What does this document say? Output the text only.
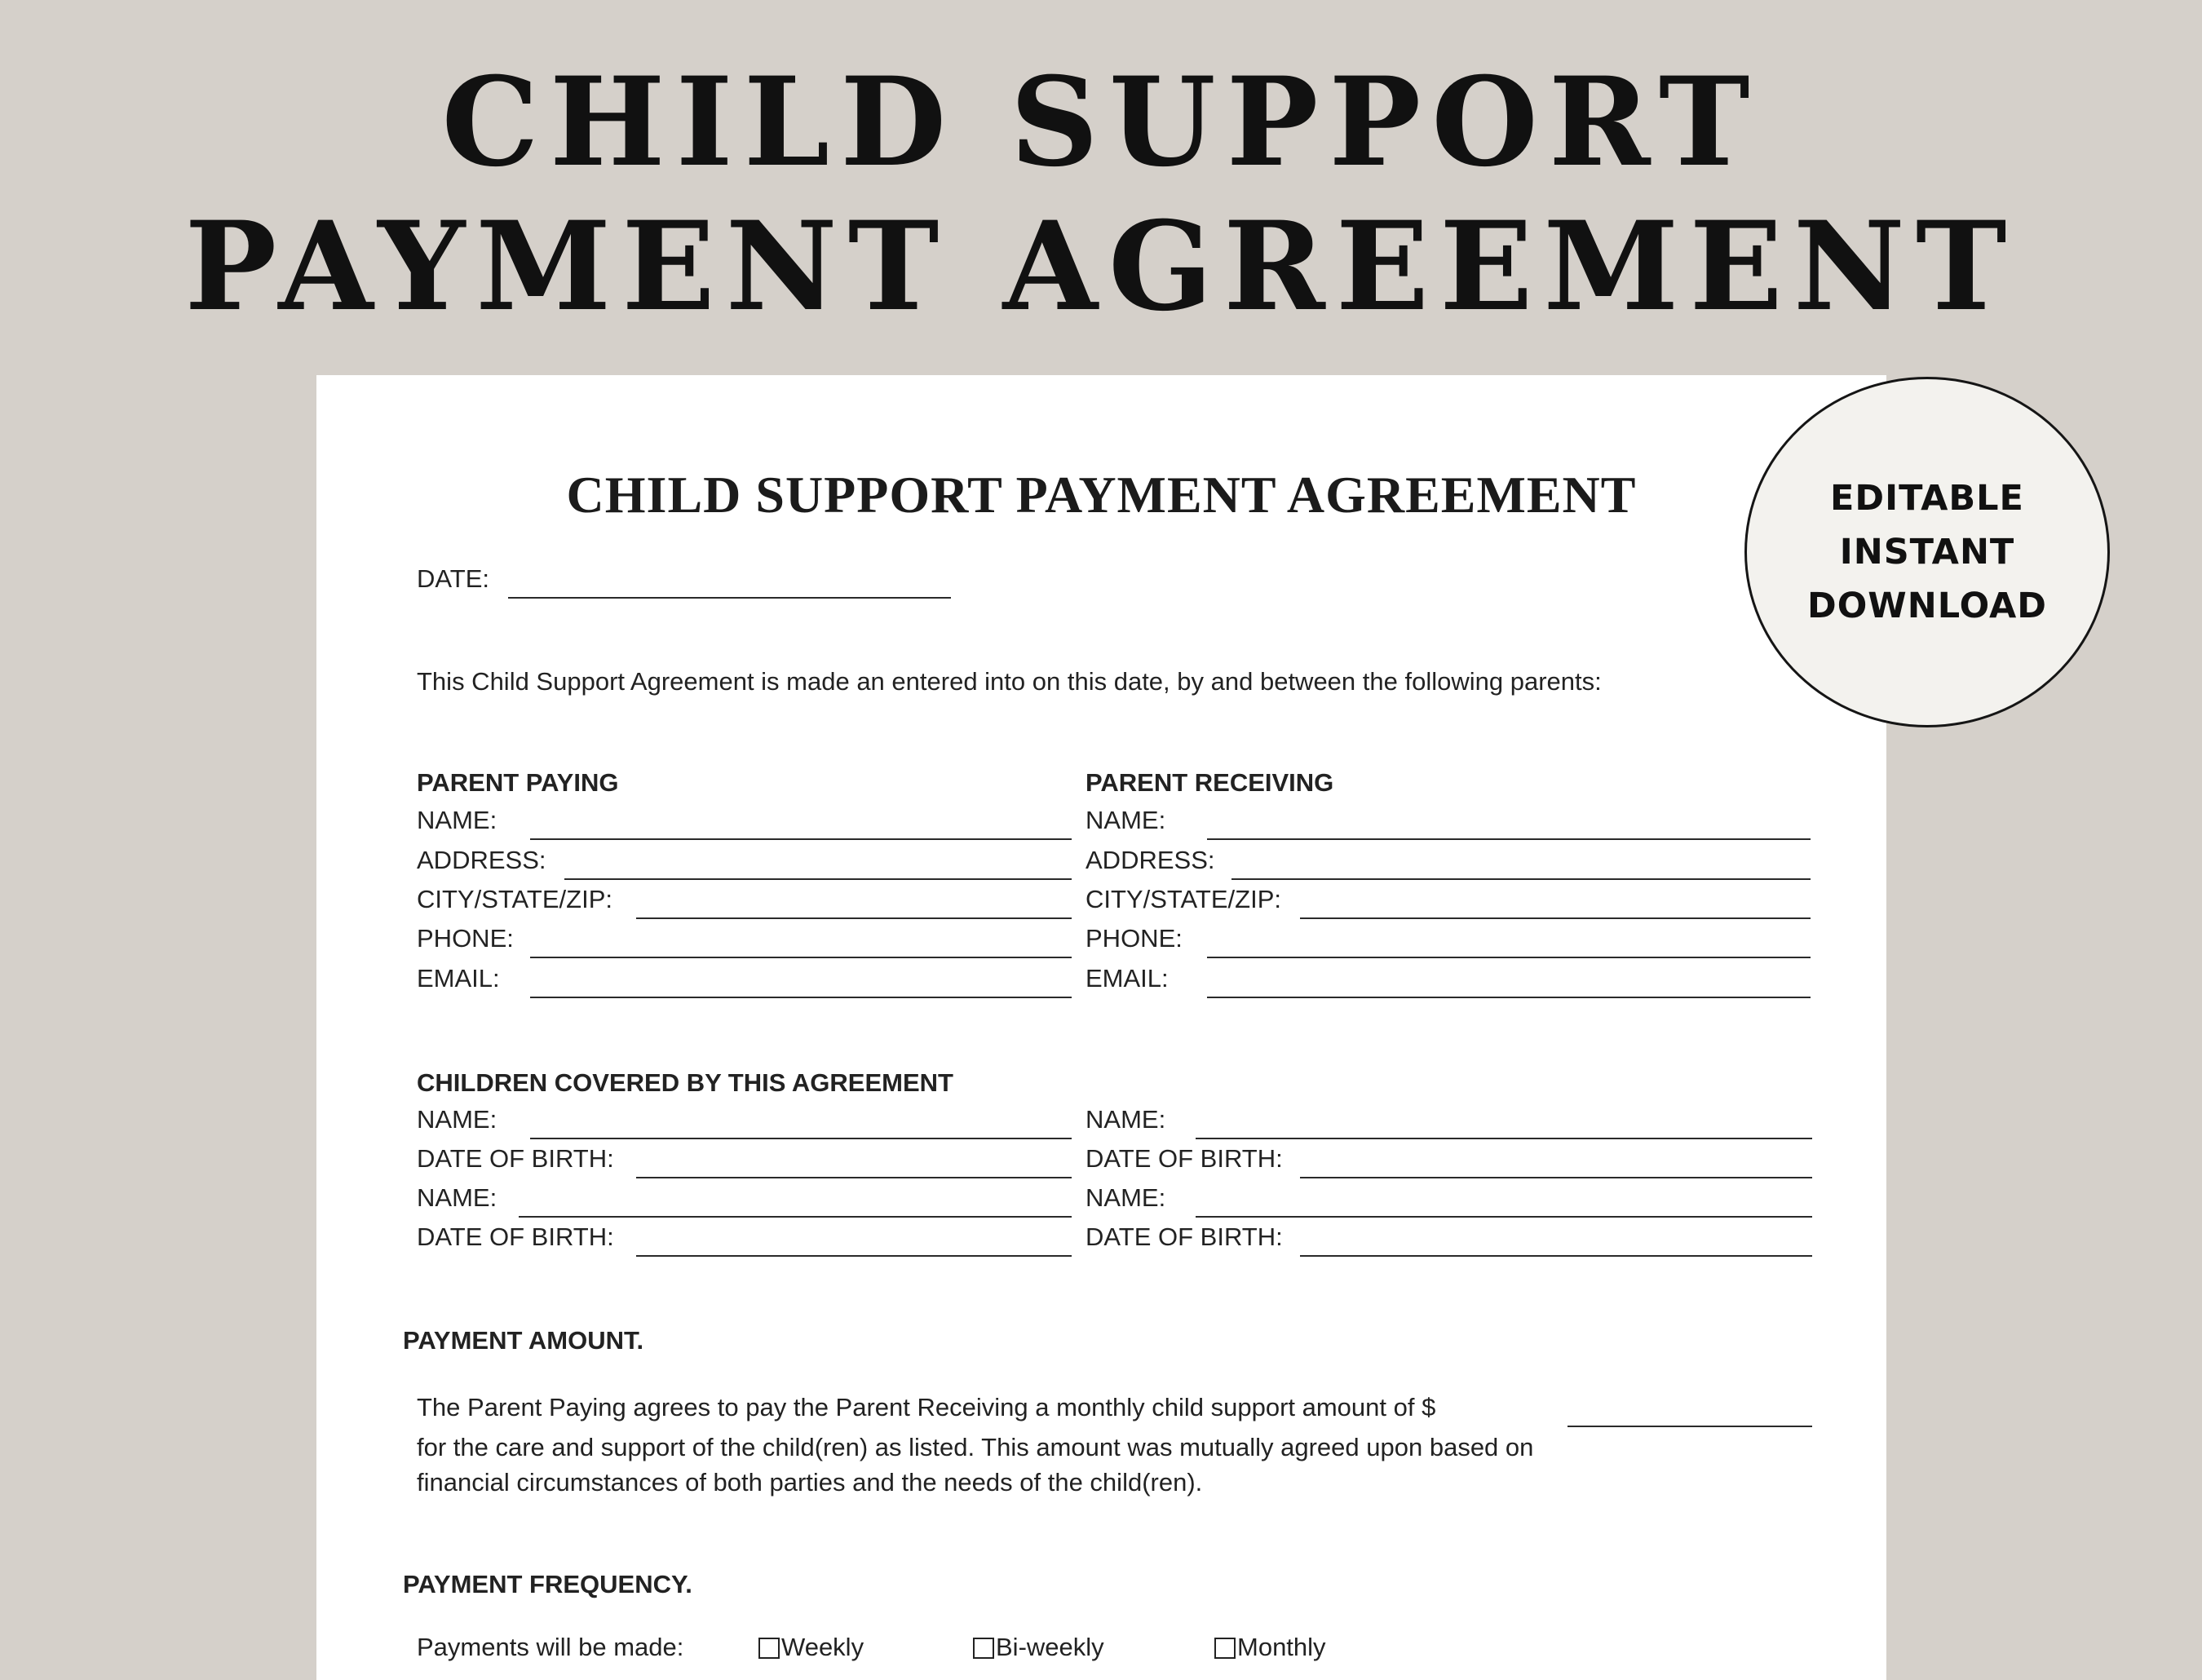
CHILD SUPPORT
PAYMENT AGREEMENT
CHILD SUPPORT PAYMENT AGREEMENT
DATE:
This Child Support Agreement is made an entered into on this date, by and between the following parents:
PARENT PAYING
NAME:
ADDRESS:
CITY/STATE/ZIP:
PHONE:
EMAIL:
PARENT RECEIVING
NAME:
ADDRESS:
CITY/STATE/ZIP:
PHONE:
EMAIL:
CHILDREN COVERED BY THIS AGREEMENT
NAME:
DATE OF BIRTH:
NAME:
DATE OF BIRTH:
NAME:
DATE OF BIRTH:
NAME:
DATE OF BIRTH:
PAYMENT AMOUNT.
The Parent Paying agrees to pay the Parent Receiving a monthly child support amount of $
for the care and support of the child(ren) as listed. This amount was mutually agreed upon based on
financial circumstances of both parties and the needs of the child(ren).
PAYMENT FREQUENCY.
Payments will be made:	Weekly	Bi-weekly	Monthly
EDITABLE
INSTANT
DOWNLOAD
